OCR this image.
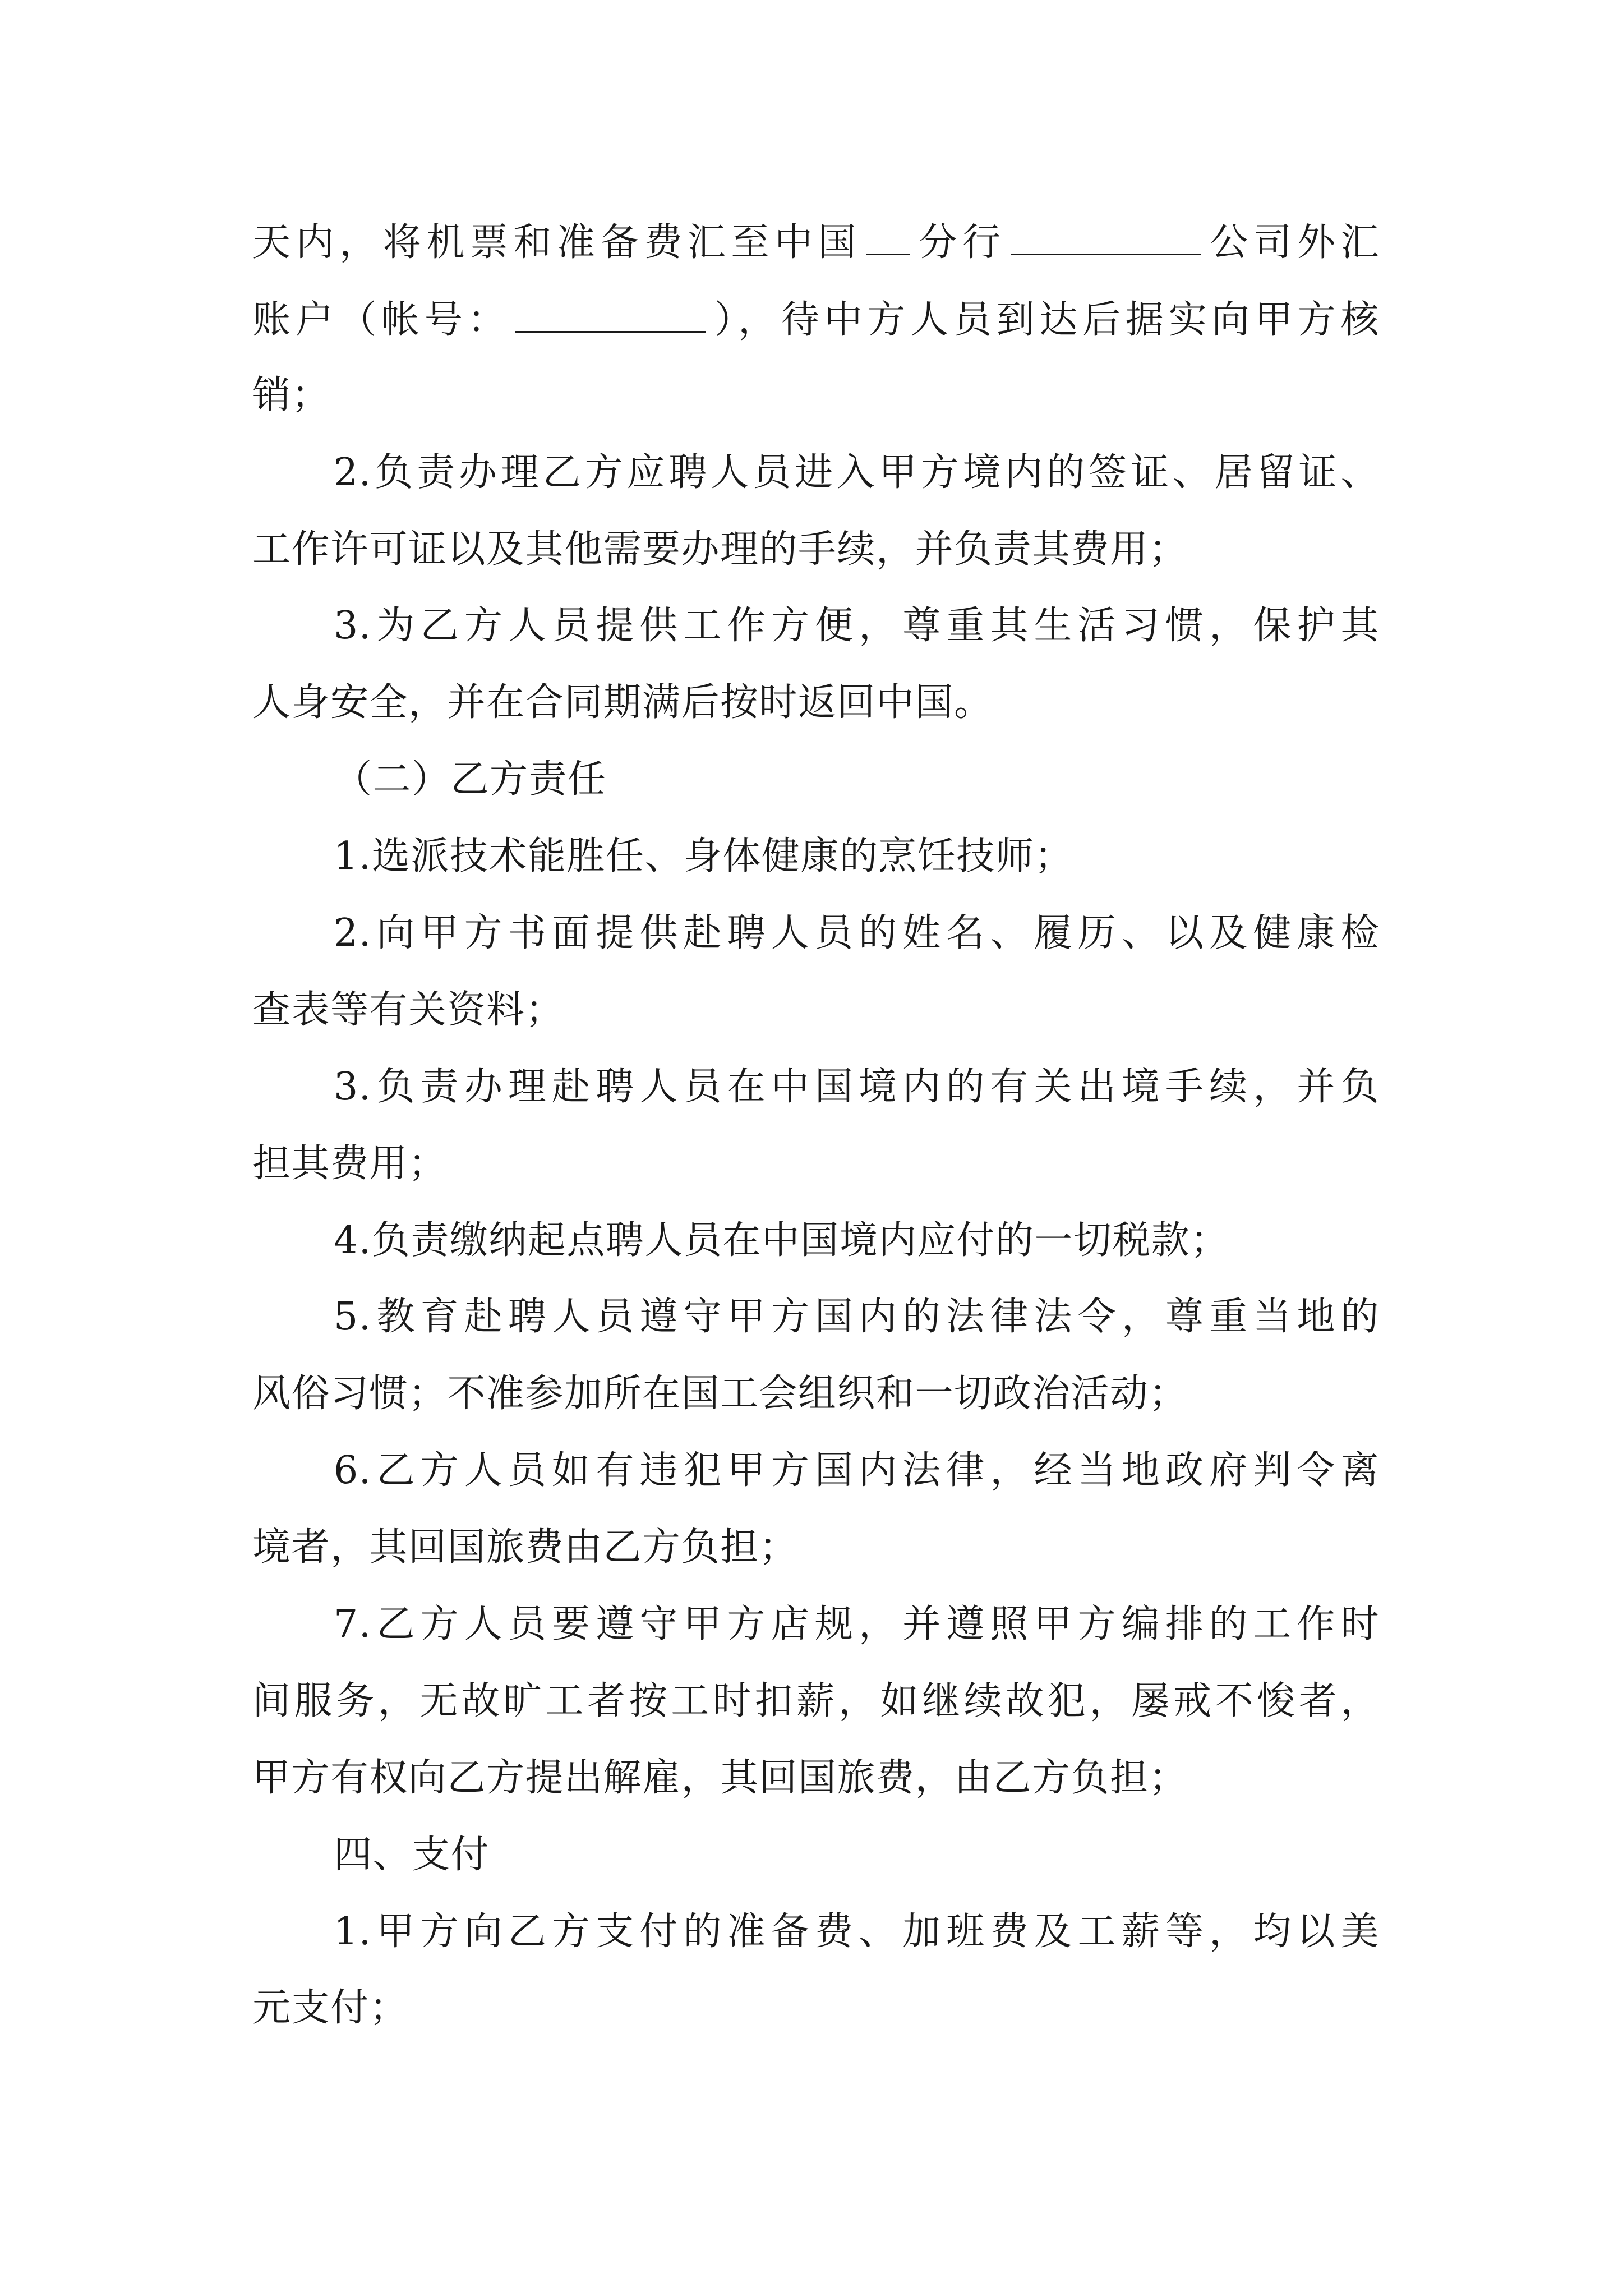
天内，将机票和准备费汇至中国 分行	公司外汇
账户（帐号：	），待中方人员到达后据实向甲方核
销；
2.负责办理乙方应聘人员进入甲方境内的签证、居留证、
工作许可证以及其他需要办理的手续，并负责其费用；
3.为乙方人员提供工作方便，尊重其生活习惯，保护其
人身安全，并在合同期满后按时返回中国。
（二）乙方责任
1.选派技术能胜任、身体健康的烹饪技师；
2.向甲方书面提供赴聘人员的姓名、履历、以及健康检
查表等有关资料；
3.负责办理赴聘人员在中国境内的有关出境手续，并负
担其费用；
4.负责缴纳起点聘人员在中国境内应付的一切税款；
5.教育赴聘人员遵守甲方国内的法律法令，尊重当地的
风俗习惯；不准参加所在国工会组织和一切政治活动；
6.乙方人员如有违犯甲方国内法律，经当地政府判令离
境者，其回国旅费由乙方负担；
7.乙方人员要遵守甲方店规，并遵照甲方编排的工作时
间服务，无故旷工者按工时扣薪，如继续故犯，屡戒不悛者，
甲方有权向乙方提出解雇，其回国旅费，由乙方负担；
四、支付
1.甲方向乙方支付的准备费、加班费及工薪等，均以美
元支付；
